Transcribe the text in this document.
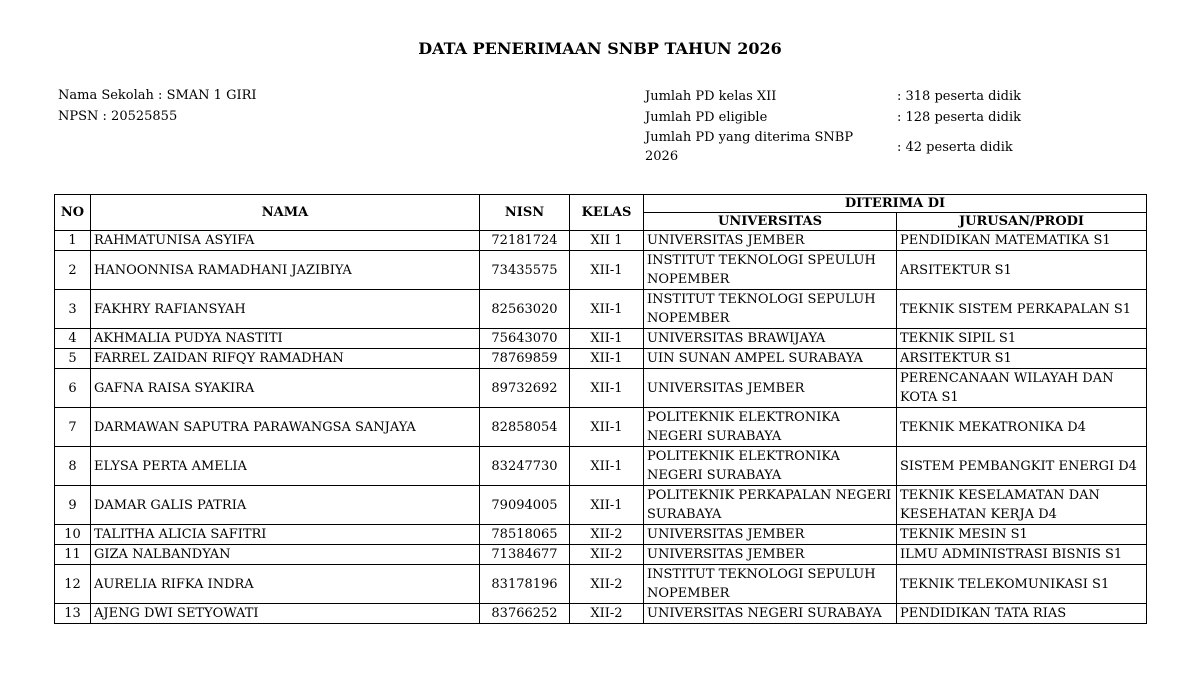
DATA PENERIMAAN SNBP TAHUN 2026
Nama Sekolah : SMAN 1 GIRI
NPSN : 20525855
Jumlah PD kelas XII	: 318 peserta didik
Jumlah PD eligible	: 128 peserta didik
Jumlah PD yang diterima SNBP 2026
: 42 peserta didik
NO	NAMA	NISN	KELAS	DITERIMA DI	
				UNIVERSITAS	JURUSAN/PRODI
1	RAHMATUNISA ASYIFA	72181724	XII 1	UNIVERSITAS JEMBER	PENDIDIKAN MATEMATIKA S1
2	HANOONNISA RAMADHANI JAZIBIYA	73435575	XII-1	INSTITUT TEKNOLOGI SPEULUH NOPEMBER	ARSITEKTUR S1
3	FAKHRY RAFIANSYAH	82563020	XII-1	INSTITUT TEKNOLOGI SEPULUH NOPEMBER	TEKNIK SISTEM PERKAPALAN S1
4	AKHMALIA PUDYA NASTITI	75643070	XII-1	UNIVERSITAS BRAWIJAYA	TEKNIK SIPIL S1
5	FARREL ZAIDAN RIFQY RAMADHAN	78769859	XII-1	UIN SUNAN AMPEL SURABAYA	ARSITEKTUR S1
6	GAFNA RAISA SYAKIRA	89732692	XII-1	UNIVERSITAS JEMBER	PERENCANAAN WILAYAH DAN KOTA S1
7	DARMAWAN SAPUTRA PARAWANGSA SANJAYA	82858054	XII-1	POLITEKNIK ELEKTRONIKA NEGERI SURABAYA	TEKNIK MEKATRONIKA D4
8	ELYSA PERTA AMELIA	83247730	XII-1	POLITEKNIK ELEKTRONIKA NEGERI SURABAYA	SISTEM PEMBANGKIT ENERGI D4
9	DAMAR GALIS PATRIA	79094005	XII-1	POLITEKNIK PERKAPALAN NEGERI SURABAYA	TEKNIK KESELAMATAN DAN KESEHATAN KERJA D4
10	TALITHA ALICIA SAFITRI	78518065	XII-2	UNIVERSITAS JEMBER	TEKNIK MESIN S1
11	GIZA NALBANDYAN	71384677	XII-2	UNIVERSITAS JEMBER	ILMU ADMINISTRASI BISNIS S1
12	AURELIA RIFKA INDRA	83178196	XII-2	INSTITUT TEKNOLOGI SEPULUH NOPEMBER	TEKNIK TELEKOMUNIKASI S1
13	AJENG DWI SETYOWATI	83766252	XII-2	UNIVERSITAS NEGERI SURABAYA	PENDIDIKAN TATA RIAS
